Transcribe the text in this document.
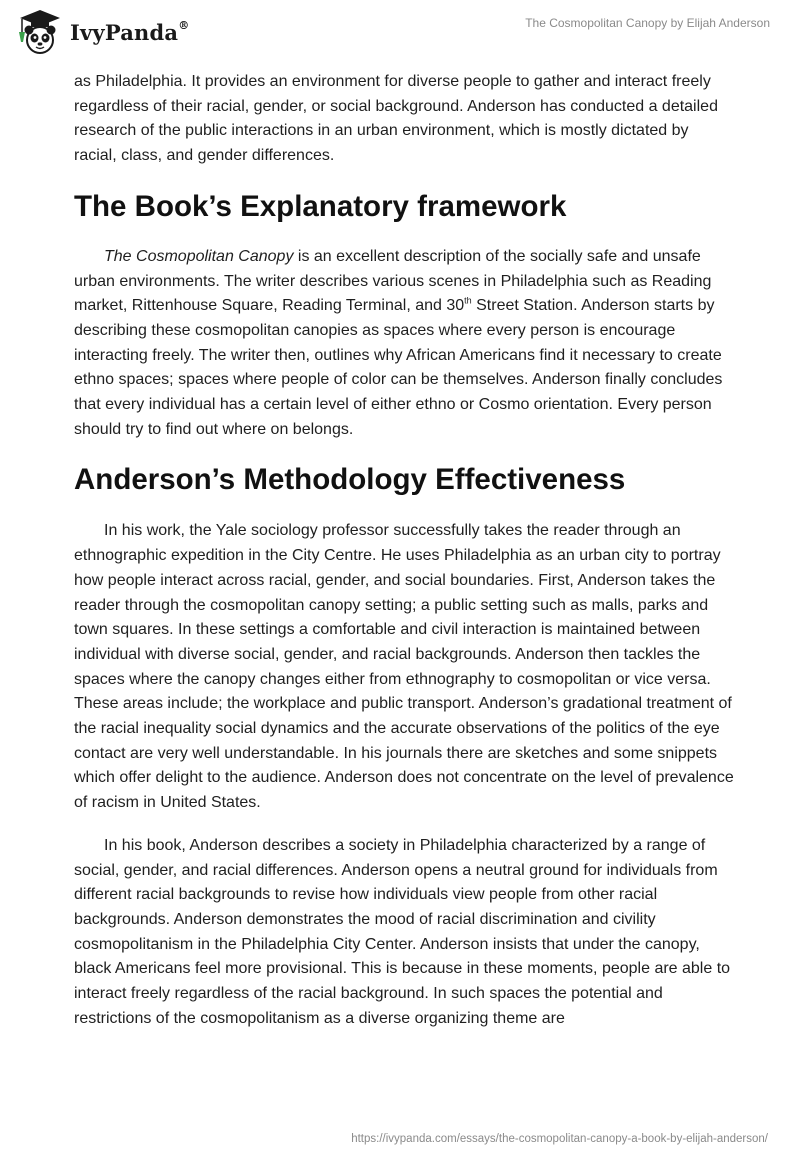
IvyPanda®	The Cosmopolitan Canopy by Elijah Anderson

as Philadelphia. It provides an environment for diverse people to gather and interact freely regardless of their racial, gender, or social background. Anderson has conducted a detailed research of the public interactions in an urban environment, which is mostly dictated by racial, class, and gender differences.

The Book’s Explanatory framework

The Cosmopolitan Canopy is an excellent description of the socially safe and unsafe urban environments. The writer describes various scenes in Philadelphia such as Reading market, Rittenhouse Square, Reading Terminal, and 30th Street Station. Anderson starts by describing these cosmopolitan canopies as spaces where every person is encourage interacting freely. The writer then, outlines why African Americans find it necessary to create ethno spaces; spaces where people of color can be themselves. Anderson finally concludes that every individual has a certain level of either ethno or Cosmo orientation. Every person should try to find out where on belongs.

Anderson’s Methodology Effectiveness

In his work, the Yale sociology professor successfully takes the reader through an ethnographic expedition in the City Centre. He uses Philadelphia as an urban city to portray how people interact across racial, gender, and social boundaries. First, Anderson takes the reader through the cosmopolitan canopy setting; a public setting such as malls, parks and town squares. In these settings a comfortable and civil interaction is maintained between individual with diverse social, gender, and racial backgrounds. Anderson then tackles the spaces where the canopy changes either from ethnography to cosmopolitan or vice versa. These areas include; the workplace and public transport. Anderson’s gradational treatment of the racial inequality social dynamics and the accurate observations of the politics of the eye contact are very well understandable. In his journals there are sketches and some snippets which offer delight to the audience. Anderson does not concentrate on the level of prevalence of racism in United States.

In his book, Anderson describes a society in Philadelphia characterized by a range of social, gender, and racial differences. Anderson opens a neutral ground for individuals from different racial backgrounds to revise how individuals view people from other racial backgrounds. Anderson demonstrates the mood of racial discrimination and civility cosmopolitanism in the Philadelphia City Center. Anderson insists that under the canopy, black Americans feel more provisional. This is because in these moments, people are able to interact freely regardless of the racial background. In such spaces the potential and restrictions of the cosmopolitanism as a diverse organizing theme are

https://ivypanda.com/essays/the-cosmopolitan-canopy-a-book-by-elijah-anderson/
